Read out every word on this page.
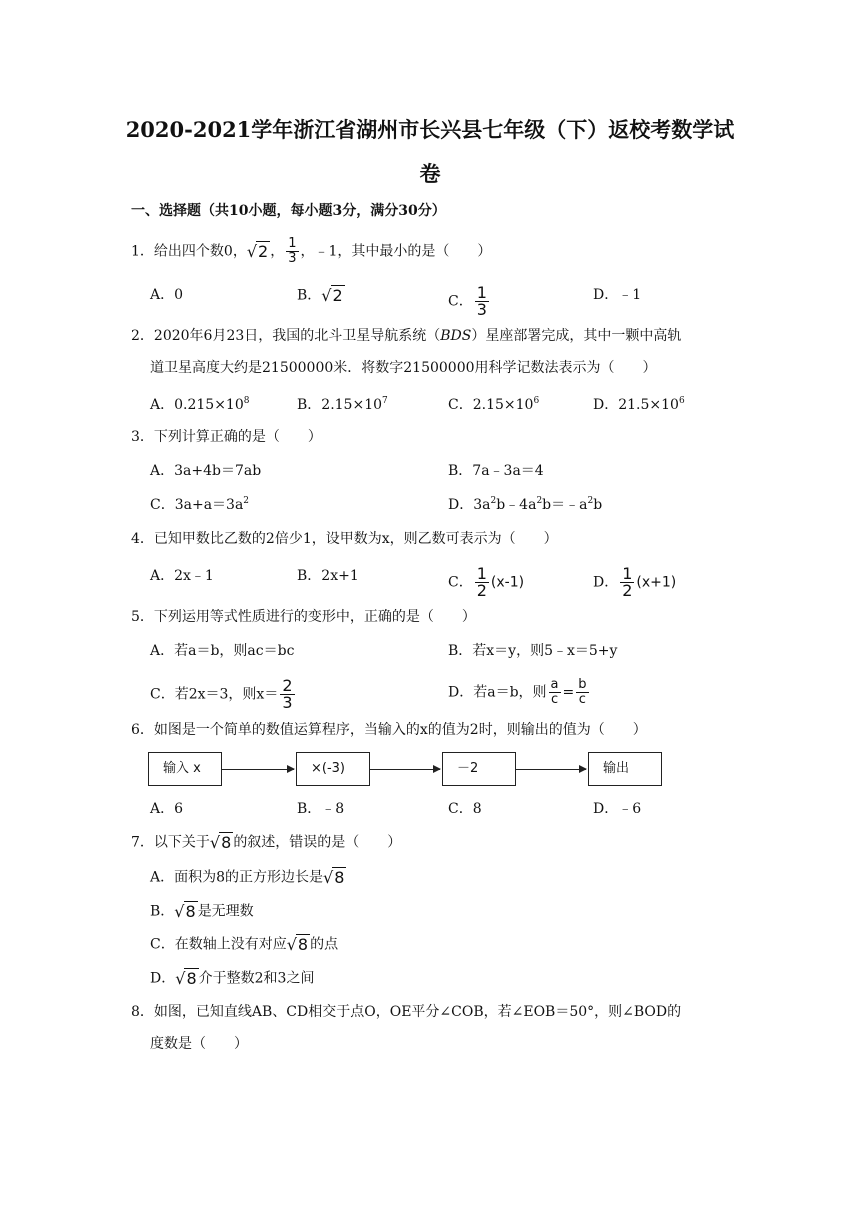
2020-2021学年浙江省湖州市长兴县七年级（下）返校考数学试
卷
一、选择题（共10小题，每小题3分，满分30分）
1．给出四个数0，√2 ， $\frac{1}{3}$ ，﹣1，其中最小的是（　　）
A．0	B．√2	C． $\frac{1}{3}$	D．﹣1
2．2020年6月23日，我国的北斗卫星导航系统（BDS）星座部署完成，其中一颗中高轨
道卫星高度大约是21500000米．将数字21500000用科学记数法表示为（　　）
A．$0.215\times 10^8$	B．$2.15\times 10^7$	C．$2.15\times 10^6$	D．$21.5\times 10^6$
3．下列计算正确的是（　　）
A．3a+4b＝7ab	B．7a﹣3a＝4
C．$3a+a=3a^2$	D．$3a^2b﹣4a^2b=﹣a^2b$
4．已知甲数比乙数的2倍少1，设甲数为x，则乙数可表示为（　　）
A．2x﹣1	B．2x+1	C． $\frac{1}{2} (x-1)$	D． $\frac{1}{2} (x+1)$
5．下列运用等式性质进行的变形中，正确的是（　　）
A．若a＝b，则ac＝bc	B．若x＝y，则5﹣x＝5+y
C．若2x＝3，则$x= \frac{2}{3}$	D．若a＝b，则 $\frac{a}{c} = \frac{b}{c}$
6．如图是一个简单的数值运算程序，当输入的x的值为2时，则输出的值为（　　）
输入 x	×(-3)	－2	输出
A．6	B．﹣8	C．8	D．﹣6
7．以下关于√8 的叙述，错误的是（　　）
A．面积为8的正方形边长是√8
B．√8 是无理数
C．在数轴上没有对应√8 的点
D．√8 介于整数2和3之间
8．如图，已知直线AB、CD相交于点O，OE平分∠COB，若∠EOB＝50°，则∠BOD的
度数是（　　）
